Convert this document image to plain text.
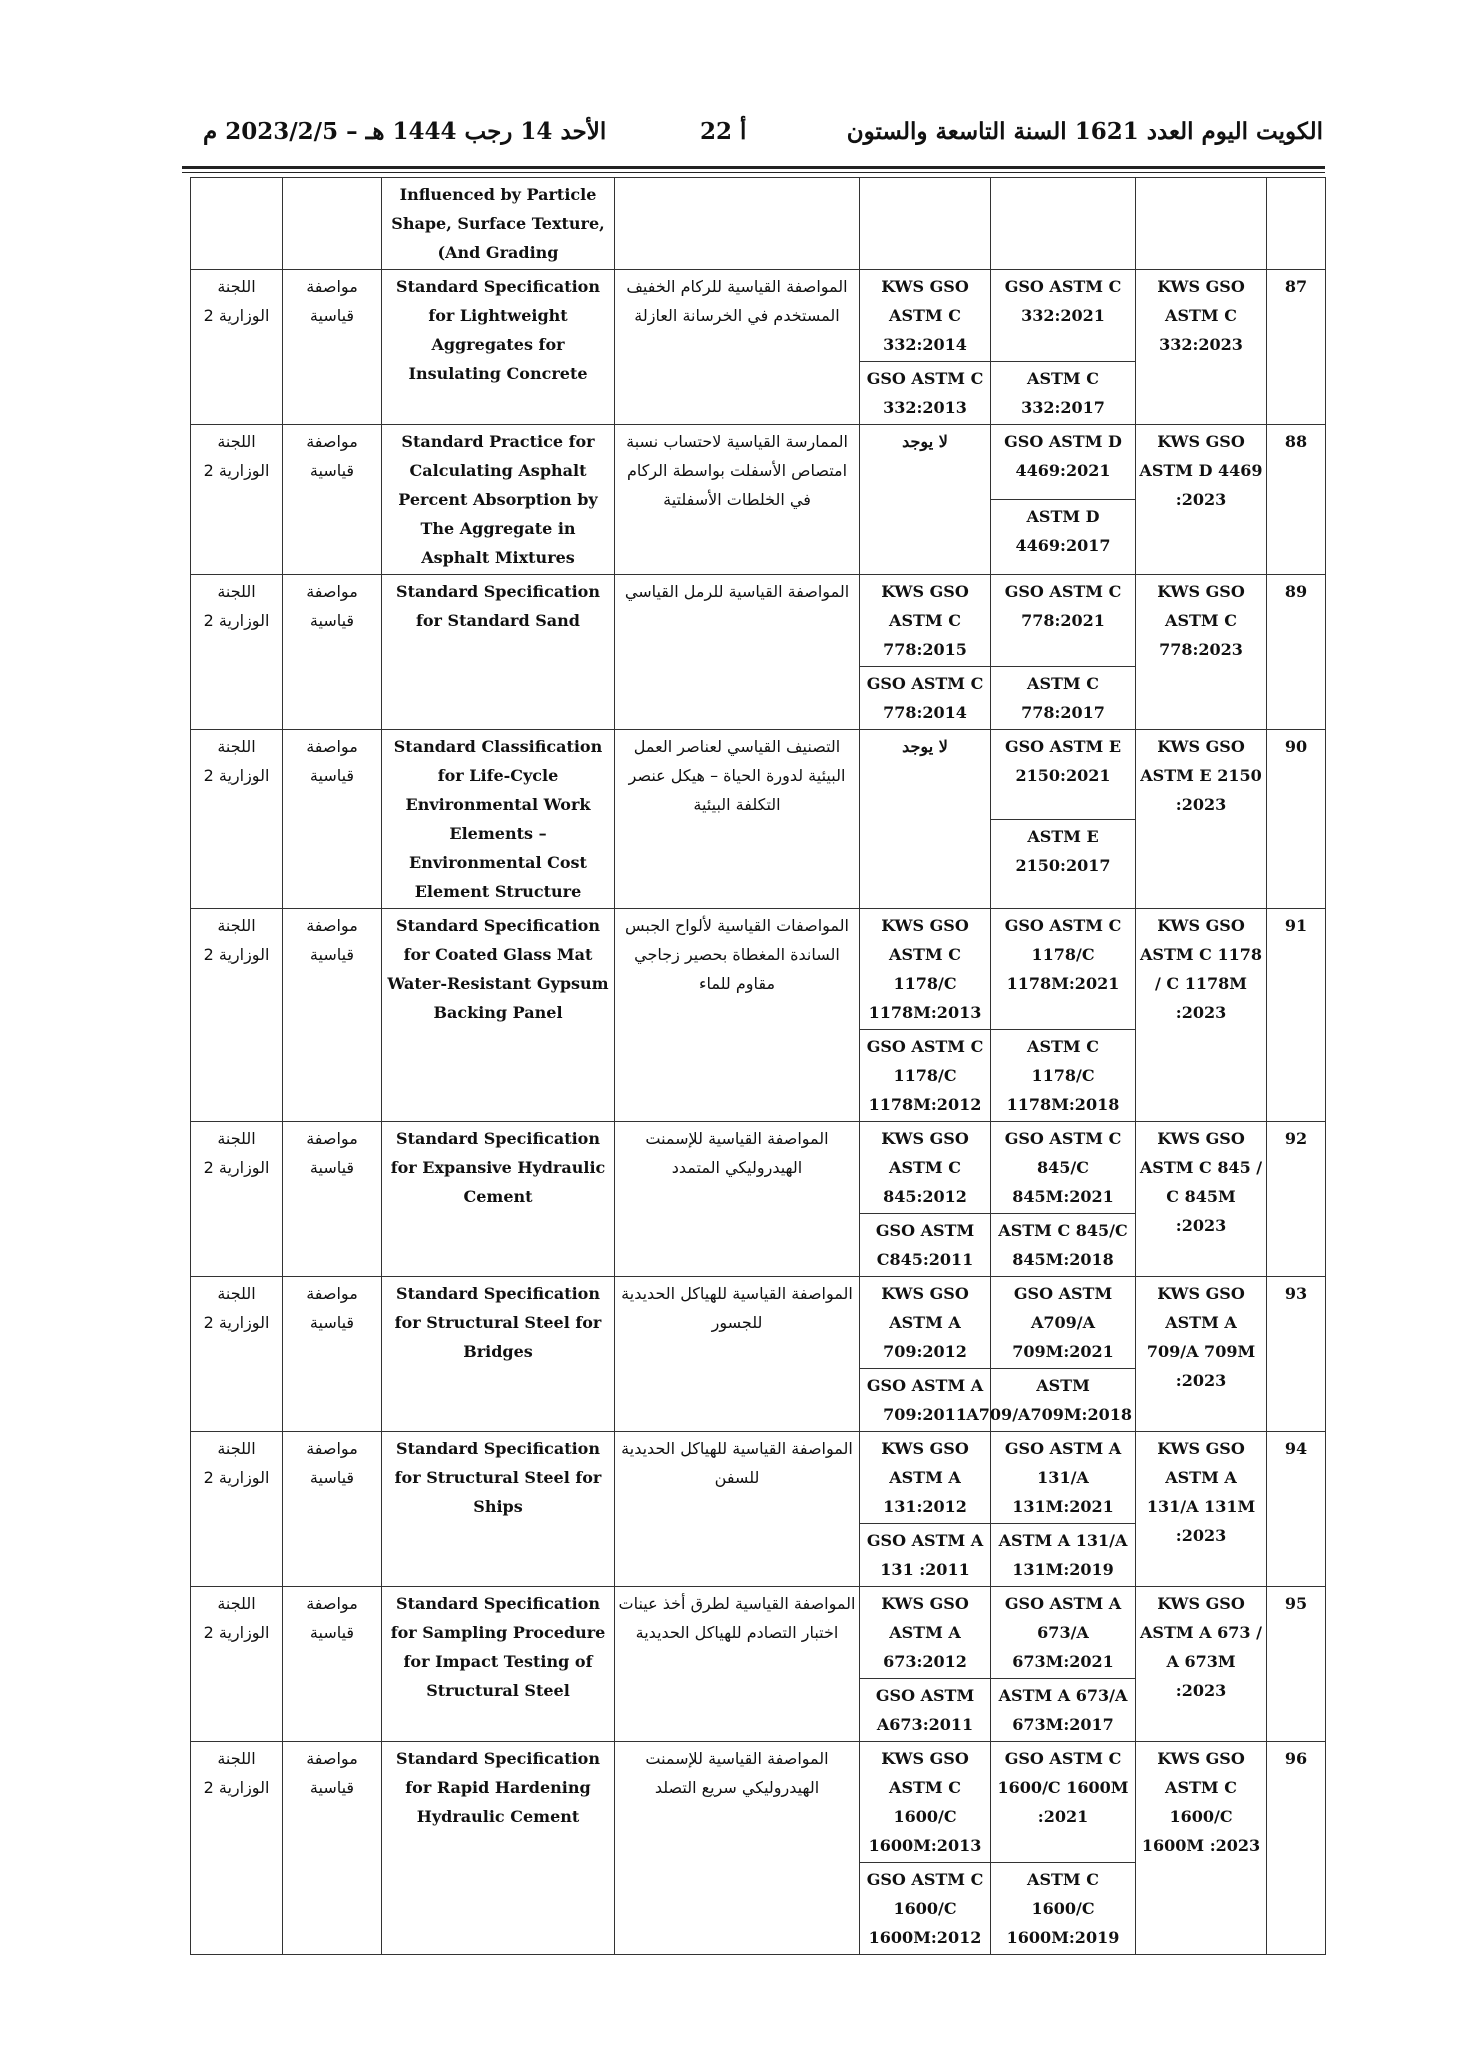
الكويت اليوم العدد 1621 السنة التاسعة والستون
أ 22
الأحد 14 رجب 1444 هـ – 2023/2/5 م
					Influenced by Particle Shape, Surface Texture, And Grading)		
87	KWS GSO ASTM C 332:2023	GSO ASTM C 332:2021	KWS GSO ASTM C 332:2014	المواصفة القياسية للركام الخفيف المستخدم في الخرسانة العازلة	Standard Specification for Lightweight Aggregates for Insulating Concrete	مواصفة قياسية	اللجنة الوزارية 2
		ASTM C 332:2017	GSO ASTM C 332:2013				
88	KWS GSO ASTM D 4469 :2023	GSO ASTM D 4469:2021	لا يوجد	الممارسة القياسية لاحتساب نسبة امتصاص الأسفلت بواسطة الركام في الخلطات الأسفلتية	Standard Practice for Calculating Asphalt Percent Absorption by The Aggregate in Asphalt Mixtures	مواصفة قياسية	اللجنة الوزارية 2
		ASTM D 4469:2017					
89	KWS GSO ASTM C 778:2023	GSO ASTM C 778:2021	KWS GSO ASTM C 778:2015	المواصفة القياسية للرمل القياسي	Standard Specification for Standard Sand	مواصفة قياسية	اللجنة الوزارية 2
		ASTM C 778:2017	GSO ASTM C 778:2014				
90	KWS GSO ASTM E 2150 :2023	GSO ASTM E 2150:2021	لا يوجد	التصنيف القياسي لعناصر العمل البيئية لدورة الحياة – هيكل عنصر التكلفة البيئية	Standard Classification for Life-Cycle Environmental Work Elements – Environmental Cost Element Structure	مواصفة قياسية	اللجنة الوزارية 2
		ASTM E 2150:2017					
91	KWS GSO ASTM C 1178 / C 1178M :2023	GSO ASTM C 1178/C 1178M:2021	KWS GSO ASTM C 1178/C 1178M:2013	المواصفات القياسية لألواح الجبس الساندة المغطاة بحصير زجاجي مقاوم للماء	Standard Specification for Coated Glass Mat Water-Resistant Gypsum Backing Panel	مواصفة قياسية	اللجنة الوزارية 2
		ASTM C 1178/C 1178M:2018	GSO ASTM C 1178/C 1178M:2012				
92	KWS GSO ASTM C 845 / C 845M :2023	GSO ASTM C 845/C 845M:2021	KWS GSO ASTM C 845:2012	المواصفة القياسية للإسمنت الهيدروليكي المتمدد	Standard Specification for Expansive Hydraulic Cement	مواصفة قياسية	اللجنة الوزارية 2
		ASTM C 845/C 845M:2018	GSO ASTM C845:2011				
93	KWS GSO ASTM A 709/A 709M :2023	GSO ASTM A709/A 709M:2021	KWS GSO ASTM A 709:2012	المواصفة القياسية للهياكل الحديدية للجسور	Standard Specification for Structural Steel for Bridges	مواصفة قياسية	اللجنة الوزارية 2
		ASTM A709/A709M:2018	GSO ASTM A 709:2011				
94	KWS GSO ASTM A 131/A 131M :2023	GSO ASTM A 131/A 131M:2021	KWS GSO ASTM A 131:2012	المواصفة القياسية للهياكل الحديدية للسفن	Standard Specification for Structural Steel for Ships	مواصفة قياسية	اللجنة الوزارية 2
		ASTM A 131/A 131M:2019	GSO ASTM A 131 :2011				
95	KWS GSO ASTM A 673 / A 673M :2023	GSO ASTM A 673/A 673M:2021	KWS GSO ASTM A 673:2012	المواصفة القياسية لطرق أخذ عينات اختبار التصادم للهياكل الحديدية	Standard Specification for Sampling Procedure for Impact Testing of Structural Steel	مواصفة قياسية	اللجنة الوزارية 2
		ASTM A 673/A 673M:2017	GSO ASTM A673:2011				
96	KWS GSO ASTM C 1600/C 1600M :2023	GSO ASTM C 1600/C 1600M :2021	KWS GSO ASTM C 1600/C 1600M:2013	المواصفة القياسية للإسمنت الهيدروليكي سريع التصلد	Standard Specification for Rapid Hardening Hydraulic Cement	مواصفة قياسية	اللجنة الوزارية 2
		ASTM C 1600/C 1600M:2019	GSO ASTM C 1600/C 1600M:2012				
